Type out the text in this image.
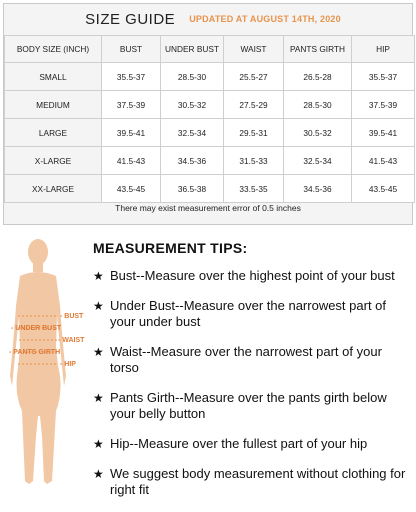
SIZE GUIDE UPDATED AT AUGUST 14TH, 2020
BODY SIZE (INCH)	BUST	UNDER BUST	WAIST	PANTS GIRTH	HIP
SMALL	35.5-37	28.5-30	25.5-27	26.5-28	35.5-37
MEDIUM	37.5-39	30.5-32	27.5-29	28.5-30	37.5-39
LARGE	39.5-41	32.5-34	29.5-31	30.5-32	39.5-41
X-LARGE	41.5-43	34.5-36	31.5-33	32.5-34	41.5-43
XX-LARGE	43.5-45	36.5-38	33.5-35	34.5-36	43.5-45
There may exist measurement error of 0.5 inches
- BUST
- UNDER BUST
- WAIST
- PANTS GIRTH
- HIP
MEASUREMENT TIPS:
★ Bust--Measure over the highest point of your bust
★ Under Bust--Measure over the narrowest part of your under bust
★ Waist--Measure over the narrowest part of your torso
★ Pants Girth--Measure over the pants girth below your belly button
★ Hip--Measure over the fullest part of your hip
★ We suggest body measurement without clothing for right fit
